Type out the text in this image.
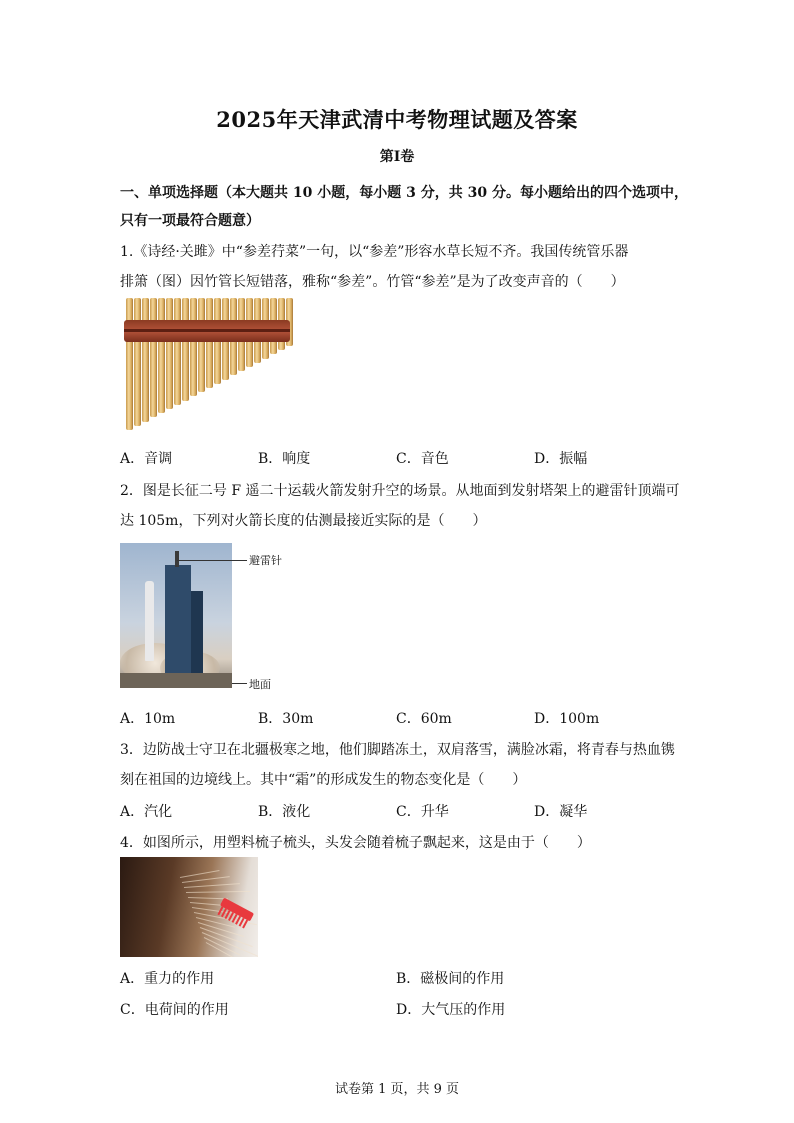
2025年天津武清中考物理试题及答案
第Ⅰ卷
一、单项选择题（本大题共 10 小题，每小题 3 分，共 30 分。每小题给出的四个选项中，
只有一项最符合题意）
1.《诗经·关雎》中“参差荇菜”一句，以“参差”形容水草长短不齐。我国传统管乐器
排箫（图）因竹管长短错落，雅称“参差”。竹管“参差”是为了改变声音的（　　）
A．音调	B．响度	C．音色	D．振幅
2．图是长征二号 F 遥二十运载火箭发射升空的场景。从地面到发射塔架上的避雷针顶端可
达 105m，下列对火箭长度的估测最接近实际的是（　　）
避雷针
地面
A．10m	B．30m	C．60m	D．100m
3．边防战士守卫在北疆极寒之地，他们脚踏冻土，双肩落雪，满脸冰霜，将青春与热血镌
刻在祖国的边境线上。其中“霜”的形成发生的物态变化是（　　）
A．汽化	B．液化	C．升华	D．凝华
4．如图所示，用塑料梳子梳头，头发会随着梳子飘起来，这是由于（　　）
A．重力的作用	B．磁极间的作用
C．电荷间的作用	D．大气压的作用
试卷第 1 页，共 9 页
